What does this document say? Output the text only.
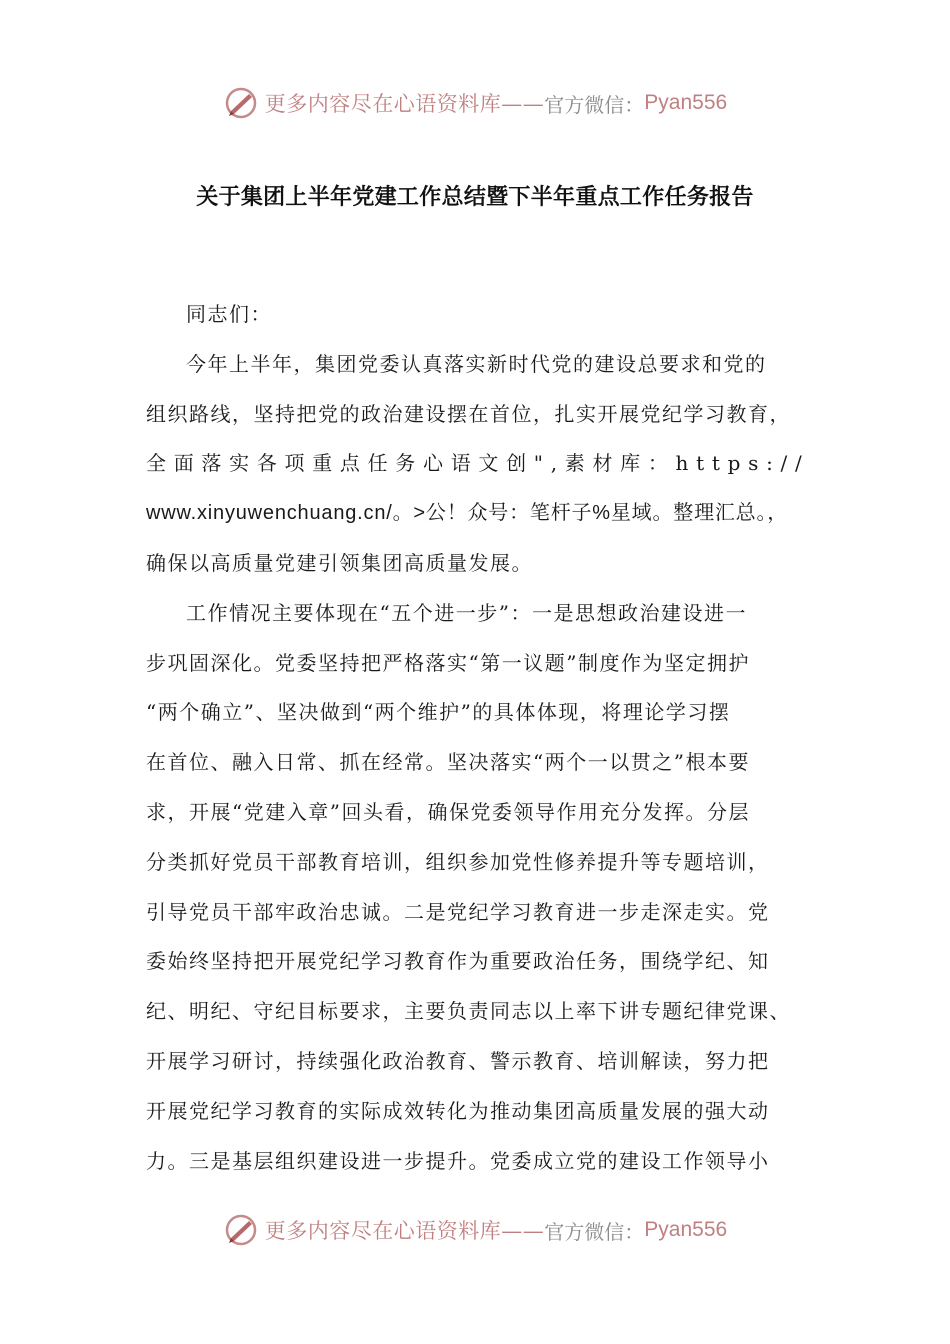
更多内容尽在心语资料库—— 官方微信： Pyan556
关于集团上半年党建工作总结暨下半年重点工作任务报告

同志们：

今年上半年，集团党委认真落实新时代党的建设总要求和党的
组织路线，坚持把党的政治建设摆在首位，扎实开展党纪学习教育，
全面落实各项重点任务心语文创",素材库：https://
www.xinyuwenchuang.cn/。>公！众号：笔杆子%星域。整理汇总。，
确保以高质量党建引领集团高质量发展。
工作情况主要体现在“五个进一步”：一是思想政治建设进一
步巩固深化。党委坚持把严格落实“第一议题”制度作为坚定拥护
“两个确立”、坚决做到“两个维护”的具体体现，将理论学习摆
在首位、融入日常、抓在经常。坚决落实“两个一以贯之”根本要
求，开展“党建入章”回头看，确保党委领导作用充分发挥。分层
分类抓好党员干部教育培训，组织参加党性修养提升等专题培训，
引导党员干部牢政治忠诚。二是党纪学习教育进一步走深走实。党
委始终坚持把开展党纪学习教育作为重要政治任务，围绕学纪、知
纪、明纪、守纪目标要求，主要负责同志以上率下讲专题纪律党课、
开展学习研讨，持续强化政治教育、警示教育、培训解读，努力把
开展党纪学习教育的实际成效转化为推动集团高质量发展的强大动
力。三是基层组织建设进一步提升。党委成立党的建设工作领导小
更多内容尽在心语资料库—— 官方微信： Pyan556
